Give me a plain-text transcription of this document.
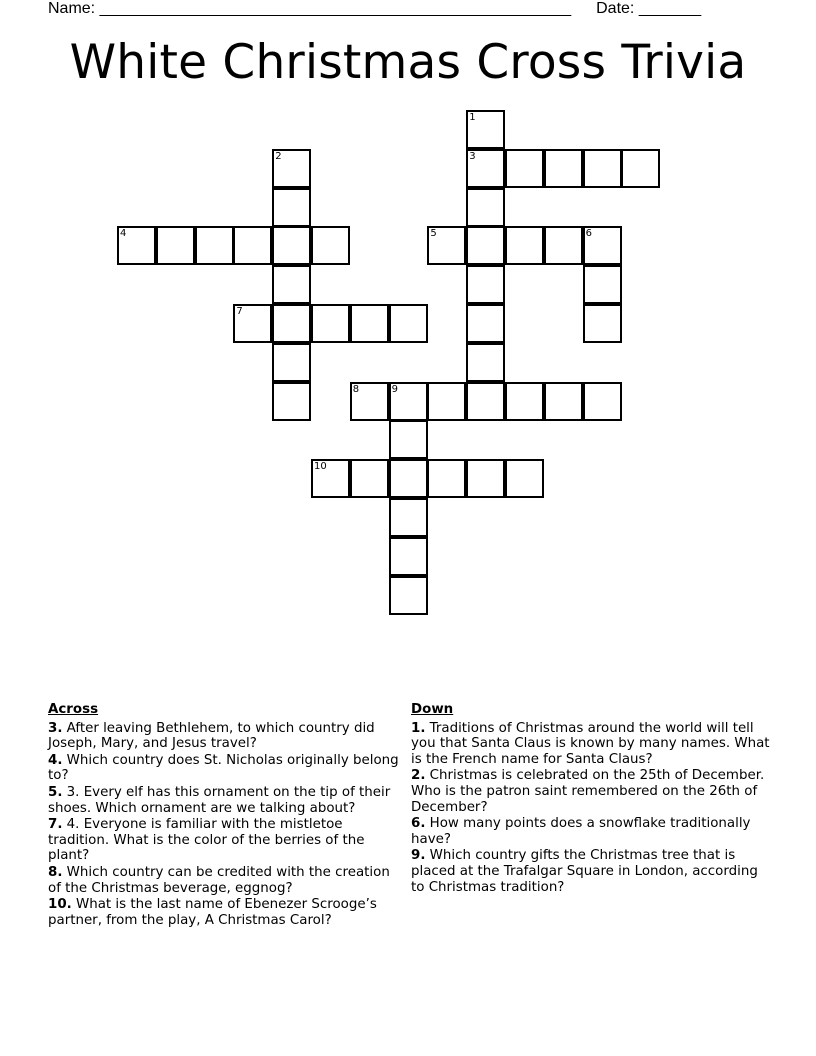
Name: _____________________________________________________ Date: _______
White Christmas Cross Trivia
1
3
2
4	5	6
7
8	9
10
Across
3. After leaving Bethlehem, to which country did Joseph, Mary, and Jesus travel?
4. Which country does St. Nicholas originally belong to?
5. 3. Every elf has this ornament on the tip of their shoes. Which ornament are we talking about?
7. 4. Everyone is familiar with the mistletoe tradition. What is the color of the berries of the plant?
8. Which country can be credited with the creation of the Christmas beverage, eggnog?
10. What is the last name of Ebenezer Scrooge’s partner, from the play, A Christmas Carol?
Down
1. Traditions of Christmas around the world will tell you that Santa Claus is known by many names. What is the French name for Santa Claus?
2. Christmas is celebrated on the 25th of December. Who is the patron saint remembered on the 26th of December?
6. How many points does a snowflake traditionally have?
9. Which country gifts the Christmas tree that is placed at the Trafalgar Square in London, according to Christmas tradition?
